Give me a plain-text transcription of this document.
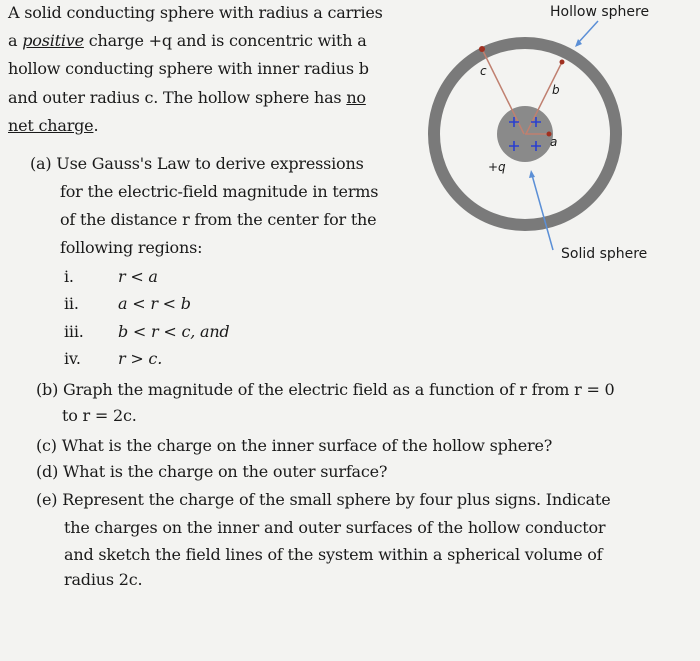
A solid conducting sphere with radius a carries
a positive charge +q and is concentric with a
hollow conducting sphere with inner radius b
and outer radius c. The hollow sphere has no
net charge.
(a) Use Gauss's Law to derive expressions
for the electric-field magnitude in terms
of the distance r from the center for the
following regions:
i.	r < a
ii. a < r < b
iii. b < r < c, and
iv. r > c.
(b) Graph the magnitude of the electric field as a function of r from r = 0
to r = 2c.
(c) What is the charge on the inner surface of the hollow sphere?
(d) What is the charge on the outer surface?
(e) Represent the charge of the small sphere by four plus signs. Indicate
the charges on the inner and outer surfaces of the hollow conductor
and sketch the field lines of the system within a spherical volume of
radius 2c.
Hollow sphere
Solid sphere
c
b
a
+q
